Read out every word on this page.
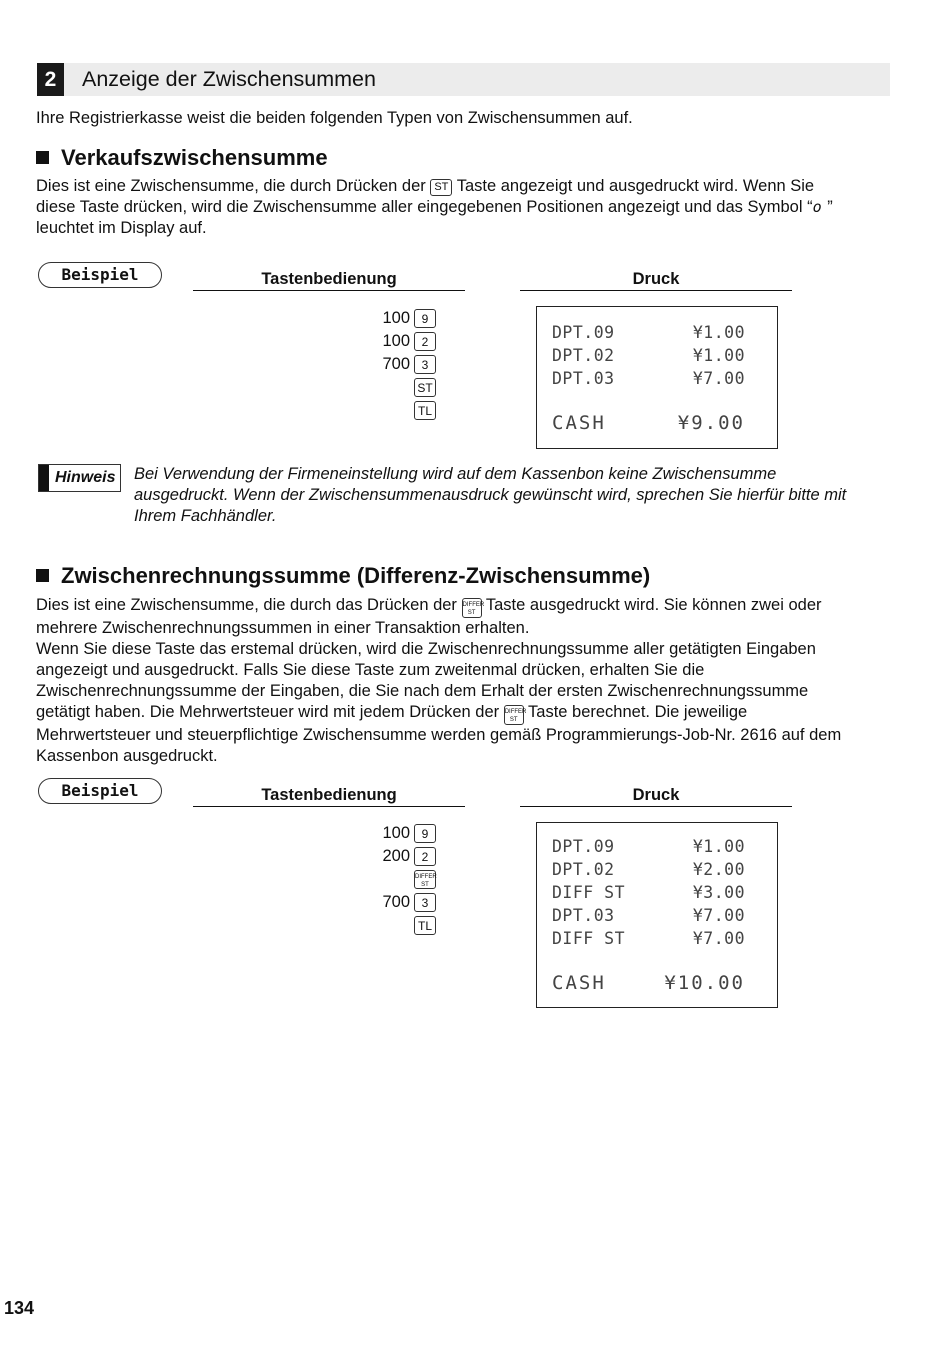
2	Anzeige der Zwischensummen

Ihre Registrierkasse weist die beiden folgenden Typen von Zwischensummen auf.

Verkaufszwischensumme
Dies ist eine Zwischensumme, die durch Drücken der ST Taste angezeigt und ausgedruckt wird. Wenn Sie
diese Taste drücken, wird die Zwischensumme aller eingegebenen Positionen angezeigt und das Symbol “o ”
leuchtet im Display auf.
Beispiel	Tastenbedienung	Druck
100 9
100 2
700 3
ST
TL
DPT.09	¥1.00
DPT.02	¥1.00
DPT.03	¥7.00
CASH	¥9.00
Hinweis Bei Verwendung der Firmeneinstellung wird auf dem Kassenbon keine Zwischensumme
ausgedruckt. Wenn der Zwischensummenausdruck gewünscht wird, sprechen Sie hierfür bitte mit
Ihrem Fachhändler.
Zwischenrechnungssumme (Differenz-Zwischensumme)
Dies ist eine Zwischensumme, die durch das Drücken der DIFFER
ST Taste ausgedruckt wird. Sie können zwei oder
mehrere Zwischenrechnungssummen in einer Transaktion erhalten.
Wenn Sie diese Taste das erstemal drücken, wird die Zwischenrechnungssumme aller getätigten Eingaben
angezeigt und ausgedruckt. Falls Sie diese Taste zum zweitenmal drücken, erhalten Sie die
Zwischenrechnungssumme der Eingaben, die Sie nach dem Erhalt der ersten Zwischenrechnungssumme
getätigt haben. Die Mehrwertsteuer wird mit jedem Drücken der DIFFER
ST Taste berechnet. Die jeweilige
Mehrwertsteuer und steuerpflichtige Zwischensumme werden gemäß Programmierungs-Job-Nr. 2616 auf dem
Kassenbon ausgedruckt.
Beispiel	Tastenbedienung	Druck
100 9
200 2
DIFFER
ST
700 3
TL
DPT.09	¥1.00
DPT.02	¥2.00
DIFF ST	¥3.00
DPT.03	¥7.00
DIFF ST	¥7.00
CASH	¥10.00
134
